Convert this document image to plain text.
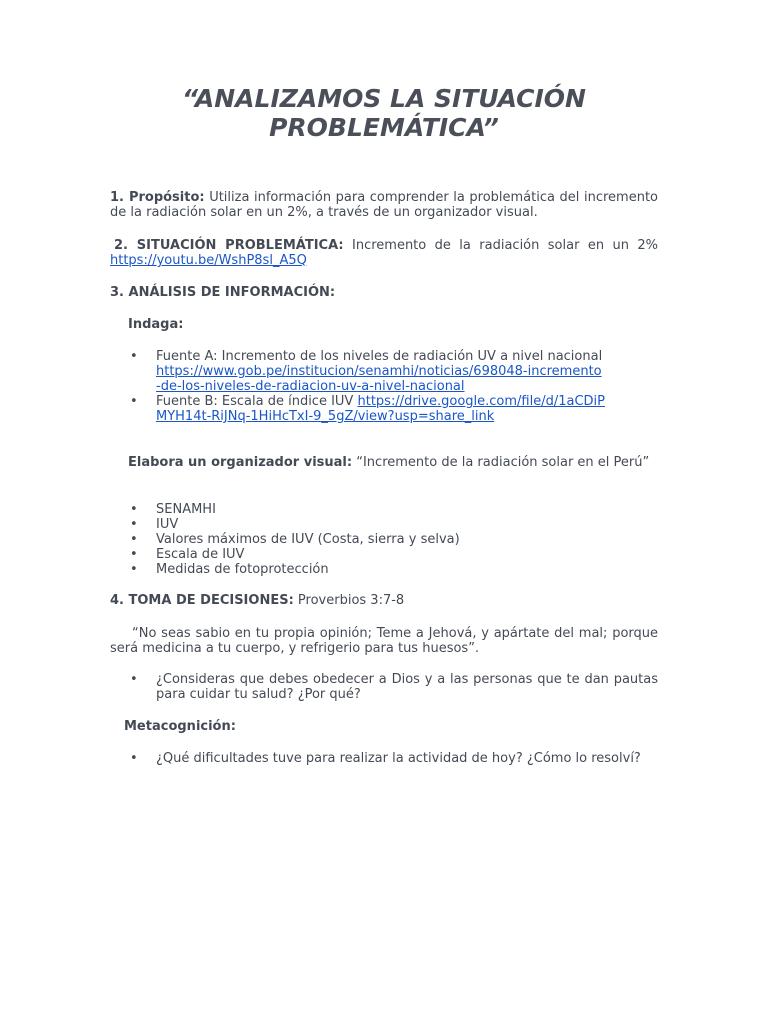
“ANALIZAMOS LA SITUACIÓN
PROBLEMÁTICA”
1. Propósito: Utiliza información para comprender la problemática del incremento de la radiación solar en un 2%, a través de un organizador visual.
2. SITUACIÓN PROBLEMÁTICA: Incremento de la radiación solar en un 2% https://youtu.be/WshP8sl_A5Q
3. ANÁLISIS DE INFORMACIÓN:
Indaga:
• Fuente A: Incremento de los niveles de radiación UV a nivel nacional https://www.gob.pe/institucion/senamhi/noticias/698048-incremento-de-los-niveles-de-radiacion-uv-a-nivel-nacional
• Fuente B: Escala de índice IUV https://drive.google.com/file/d/1aCDiPMYH14t-RiJNq-1HiHcTxI-9_5gZ/view?usp=share_link
Elabora un organizador visual: “Incremento de la radiación solar en el Perú”
• SENAMHI
• IUV
• Valores máximos de IUV (Costa, sierra y selva)
• Escala de IUV
• Medidas de fotoprotección
4. TOMA DE DECISIONES: Proverbios 3:7-8
“No seas sabio en tu propia opinión; Teme a Jehová, y apártate del mal; porque será medicina a tu cuerpo, y refrigerio para tus huesos”.
• ¿Consideras que debes obedecer a Dios y a las personas que te dan pautas para cuidar tu salud? ¿Por qué?
Metacognición:
• ¿Qué dificultades tuve para realizar la actividad de hoy? ¿Cómo lo resolví?
